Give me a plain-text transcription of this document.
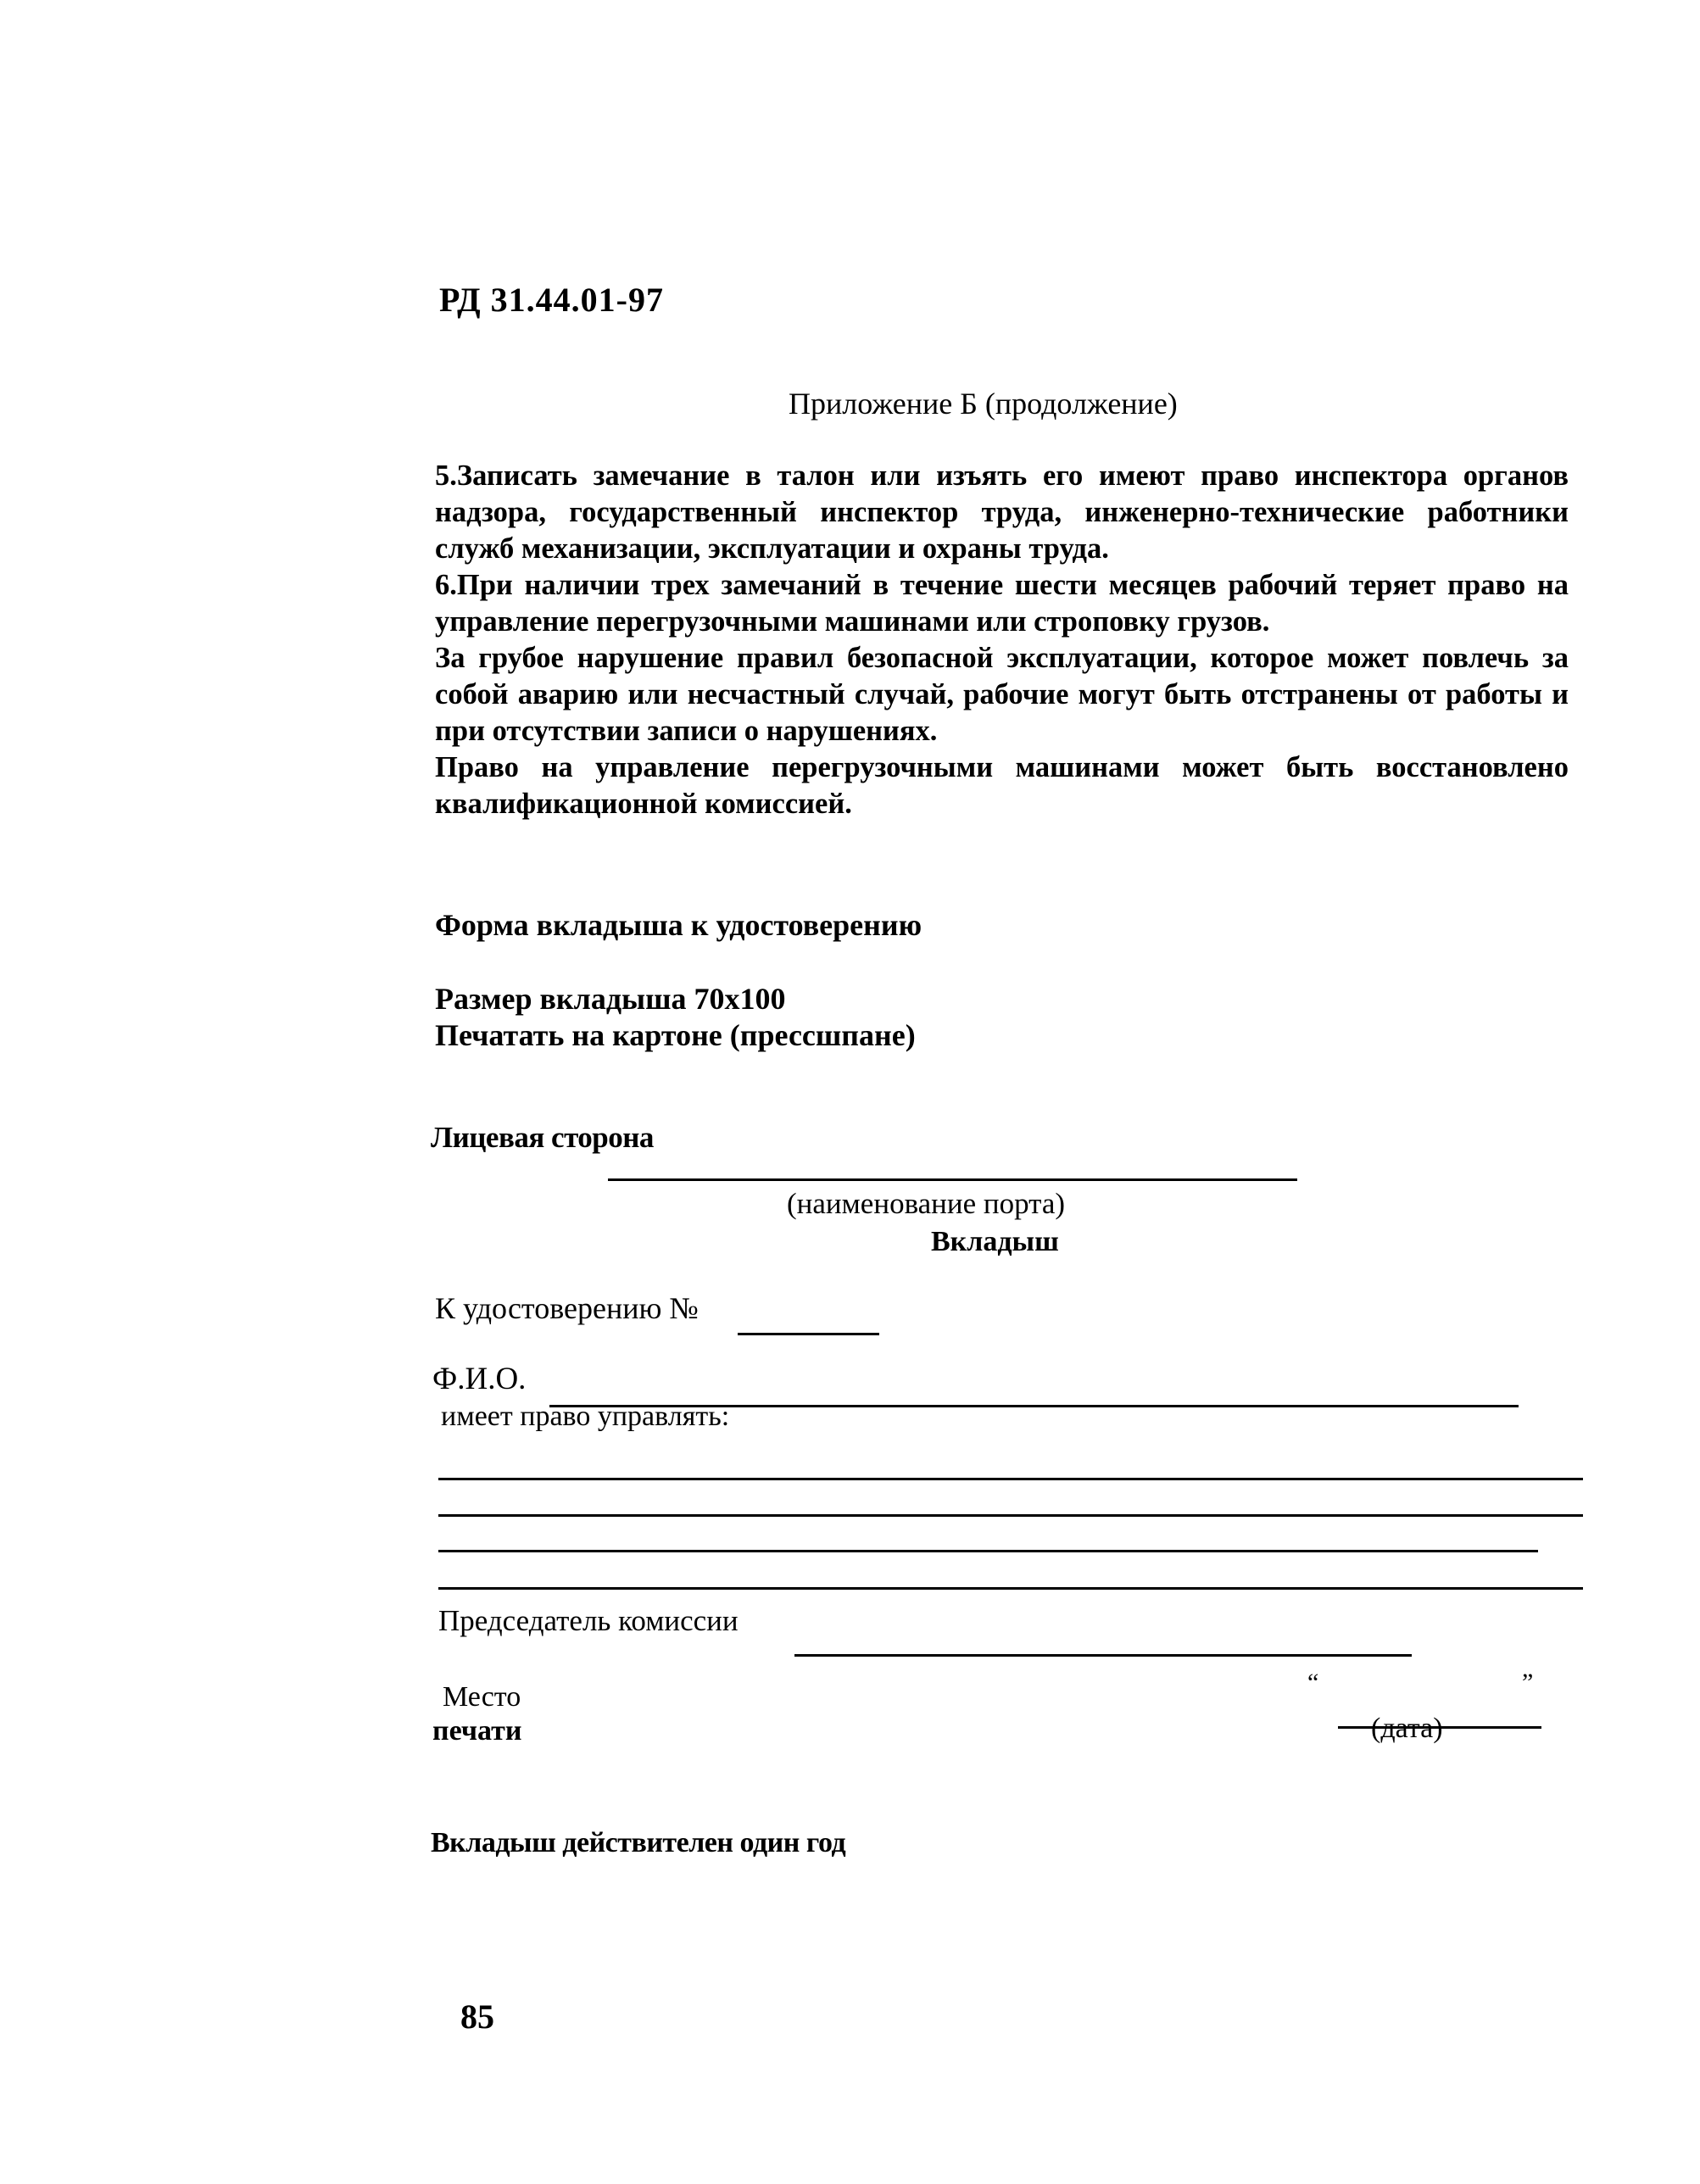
РД 31.44.01-97
Приложение Б (продолжение)

5.Записать замечание в талон или изъять его имеют право инспектора органов надзора, государственный инспектор труда, инженерно-технические работники служб механизации, эксплуатации и охраны труда.

6.При наличии трех замечаний в течение шести месяцев рабочий теряет право на управление перегрузочными машинами или строповку грузов.

За грубое нарушение правил безопасной эксплуатации, которое может повлечь за собой аварию или несчастный случай, рабочие могут быть отстранены от работы и при отсутствии записи о нарушениях.

Право на управление перегрузочными машинами может быть восстановлено квалификационной комиссией.

Форма вкладыша к удостоверению
Размер вкладыша 70х100
Печатать на картоне (прессшпане)
Лицевая сторона
(наименование порта)
Вкладыш
К удостоверению №
Ф.И.О.
имеет право управлять:
Председатель комиссии
Место
печати
“	”
(дата)
Вкладыш действителен один год
85
